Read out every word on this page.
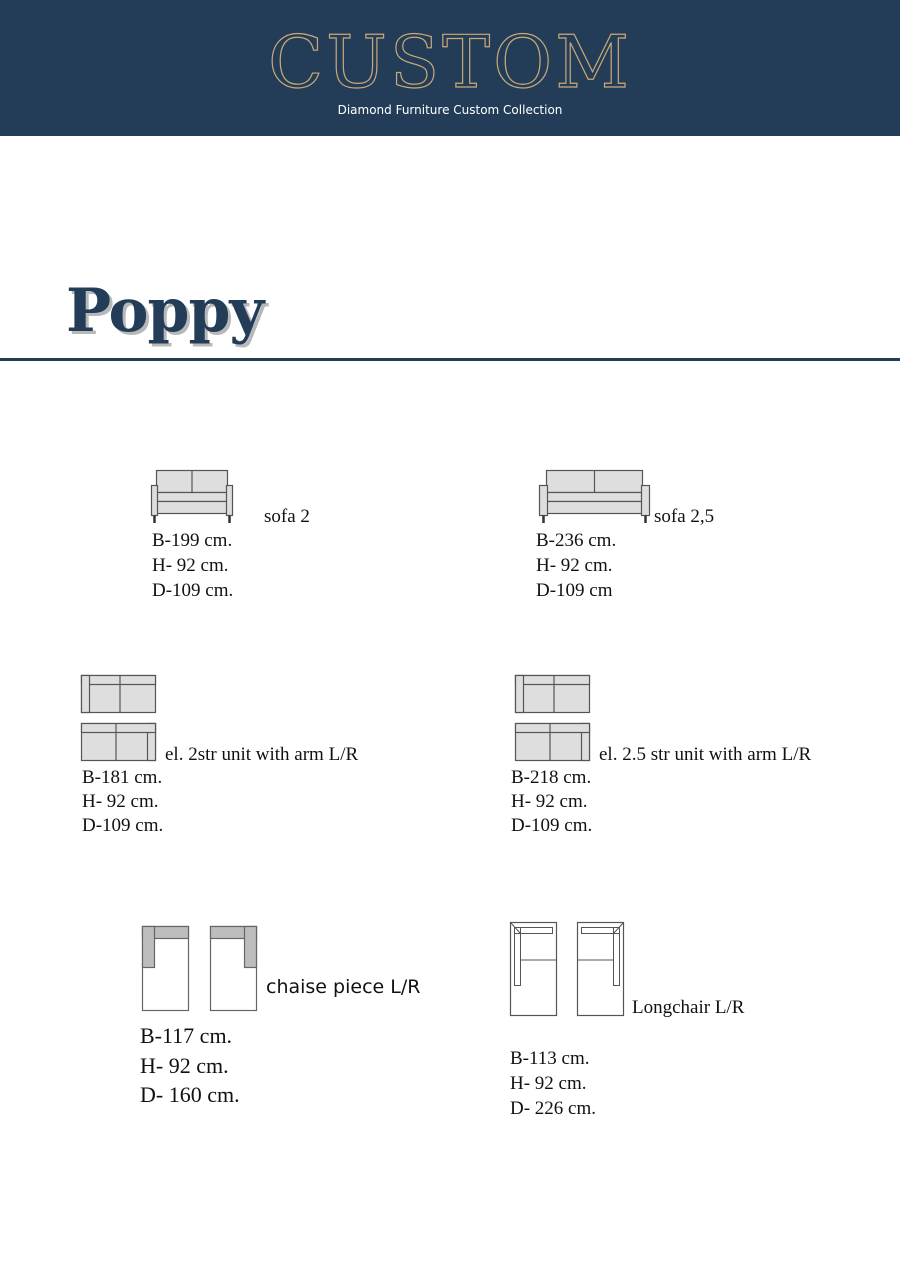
CUSTOM
Diamond Furniture Custom Collection
Poppy
sofa 2
B-199 cm.
H- 92 cm.
D-109 cm.
sofa 2,5
B-236 cm.
H- 92 cm.
D-109 cm
el. 2str unit with arm L/R
B-181 cm.
H- 92 cm.
D-109 cm.
el. 2.5 str unit with arm L/R
B-218 cm.
H- 92 cm.
D-109 cm.
chaise piece L/R
B-117 cm.
H- 92 cm.
D- 160 cm.
Longchair L/R
B-113 cm.
H- 92 cm.
D- 226 cm.
